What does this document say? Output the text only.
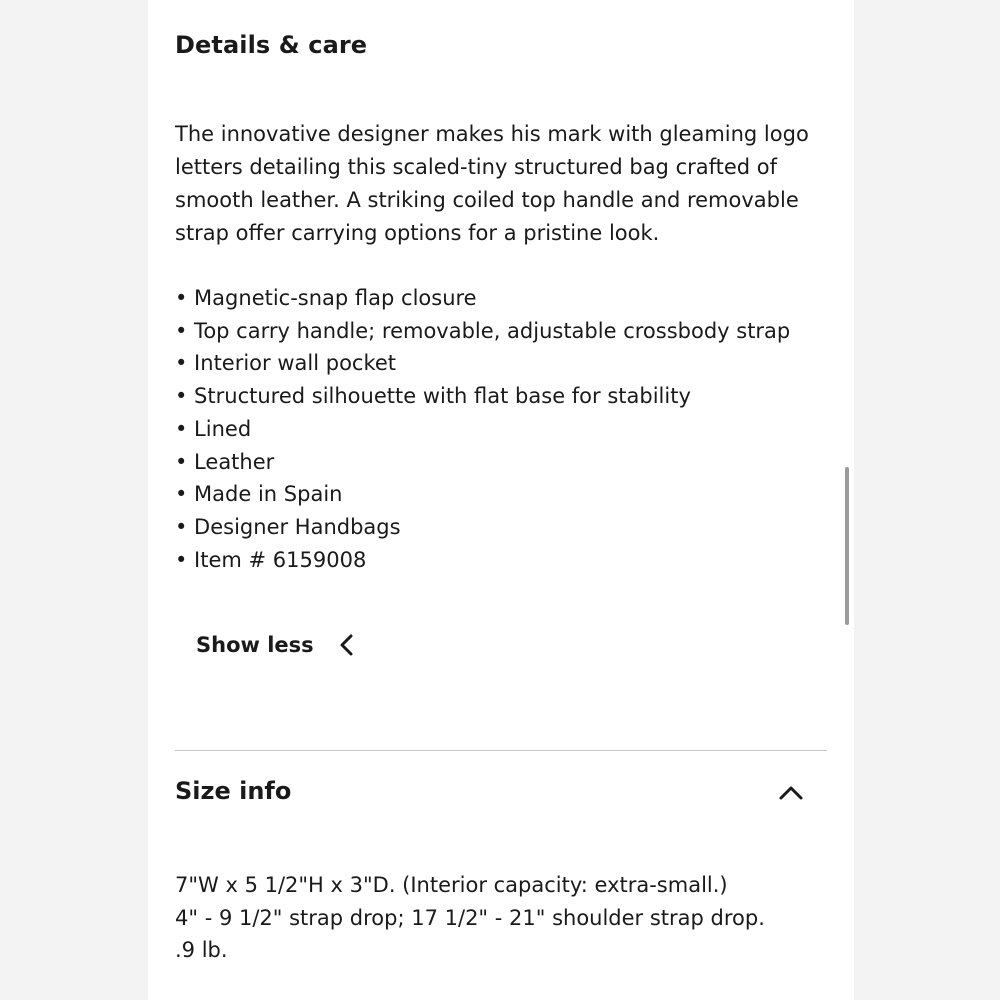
Details & care

The innovative designer makes his mark with gleaming logo
letters detailing this scaled-tiny structured bag crafted of
smooth leather. A striking coiled top handle and removable
strap offer carrying options for a pristine look.

• Magnetic-snap flap closure
• Top carry handle; removable, adjustable crossbody strap
• Interior wall pocket
• Structured silhouette with flat base for stability
• Lined
• Leather
• Made in Spain
• Designer Handbags
• Item # 6159008
Show less
Size info
7"W x 5 1/2"H x 3"D. (Interior capacity: extra-small.)
4" - 9 1/2" strap drop; 17 1/2" - 21" shoulder strap drop.
.9 lb.
